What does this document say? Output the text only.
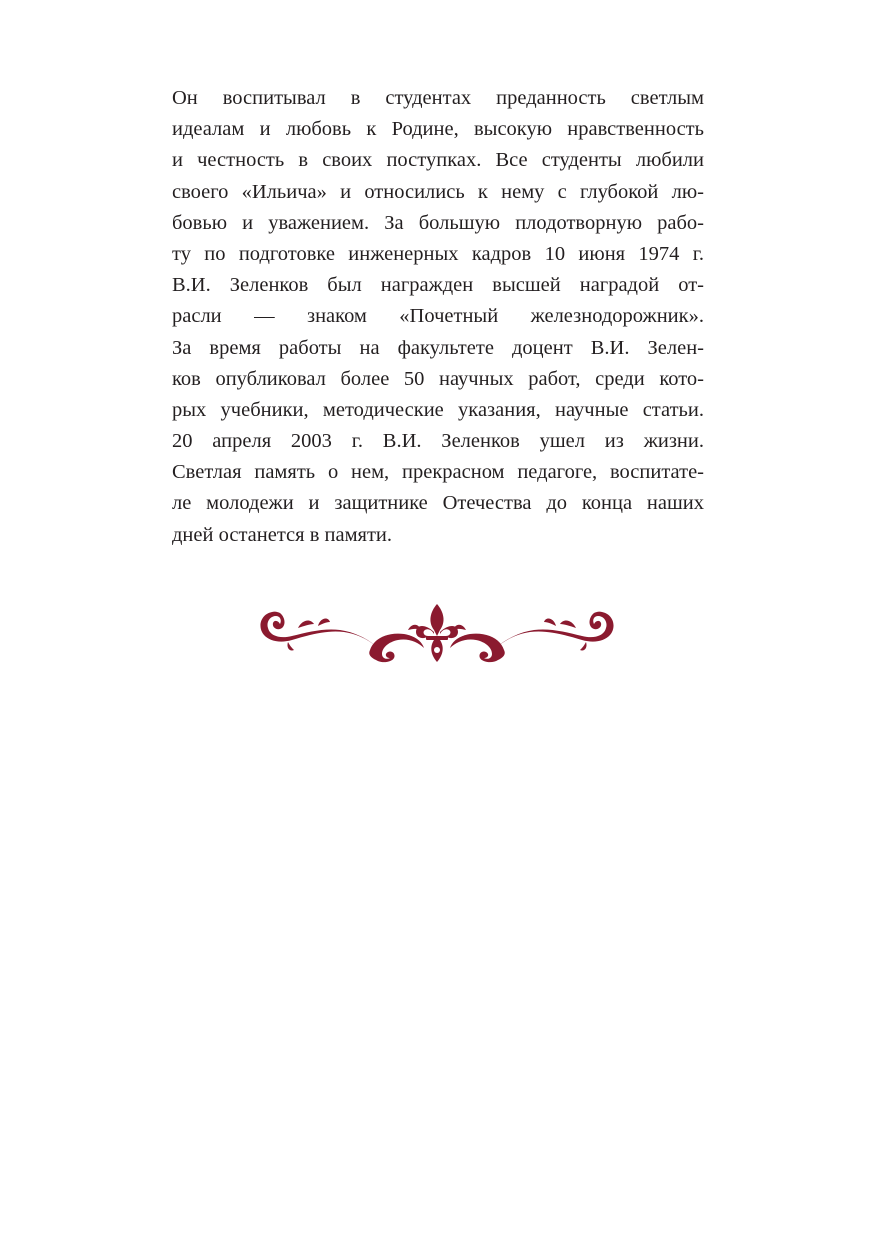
Он воспитывал в студентах преданность светлым
идеалам и любовь к Родине, высокую нравственность
и честность в своих поступках. Все студенты любили
своего «Ильича» и относились к нему с глубокой лю-
бовью и уважением. За большую плодотворную рабо-
ту по подготовке инженерных кадров 10 июня 1974 г.
В.И. Зеленков был награжден высшей наградой от-
расли — знаком «Почетный железнодорожник».
За время работы на факультете доцент В.И. Зелен-
ков опубликовал более 50 научных работ, среди кото-
рых учебники, методические указания, научные статьи.
20 апреля 2003 г. В.И. Зеленков ушел из жизни.
Светлая память о нем, прекрасном педагоге, воспитате-
ле молодежи и защитнике Отечества до конца наших
дней останется в памяти.
